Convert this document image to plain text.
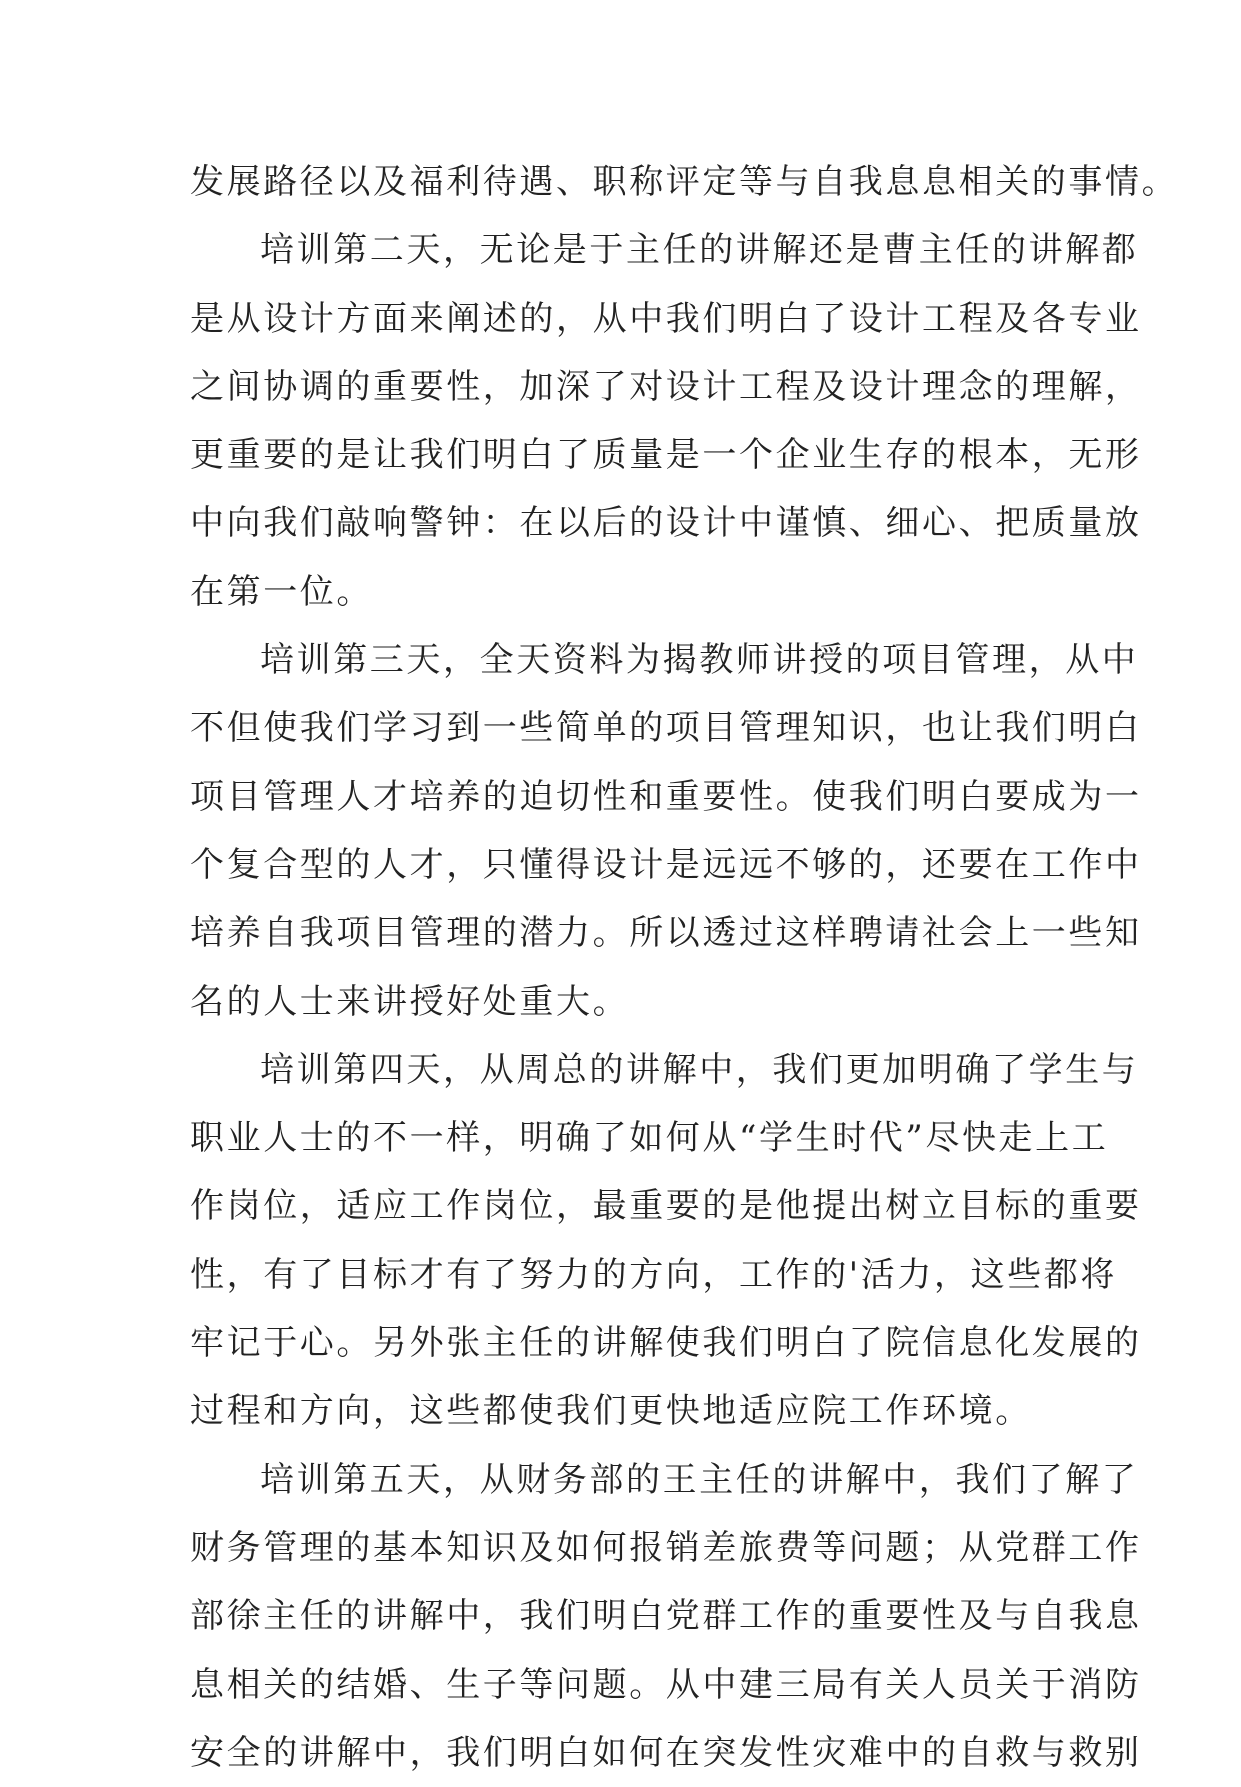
发展路径以及福利待遇、职称评定等与自我息息相关的事情。
培训第二天，无论是于主任的讲解还是曹主任的讲解都
是从设计方面来阐述的，从中我们明白了设计工程及各专业
之间协调的重要性，加深了对设计工程及设计理念的理解，
更重要的是让我们明白了质量是一个企业生存的根本，无形
中向我们敲响警钟：在以后的设计中谨慎、细心、把质量放
在第一位。
培训第三天，全天资料为揭教师讲授的项目管理，从中
不但使我们学习到一些简单的项目管理知识，也让我们明白
项目管理人才培养的迫切性和重要性。使我们明白要成为一
个复合型的人才，只懂得设计是远远不够的，还要在工作中
培养自我项目管理的潜力。所以透过这样聘请社会上一些知
名的人士来讲授好处重大。
培训第四天，从周总的讲解中，我们更加明确了学生与
职业人士的不一样，明确了如何从“学生时代”尽快走上工
作岗位，适应工作岗位，最重要的是他提出树立目标的重要
性，有了目标才有了努力的方向，工作的'活力，这些都将
牢记于心。另外张主任的讲解使我们明白了院信息化发展的
过程和方向，这些都使我们更快地适应院工作环境。
培训第五天，从财务部的王主任的讲解中，我们了解了
财务管理的基本知识及如何报销差旅费等问题；从党群工作
部徐主任的讲解中，我们明白党群工作的重要性及与自我息
息相关的结婚、生子等问题。从中建三局有关人员关于消防
安全的讲解中，我们明白如何在突发性灾难中的自救与救别
